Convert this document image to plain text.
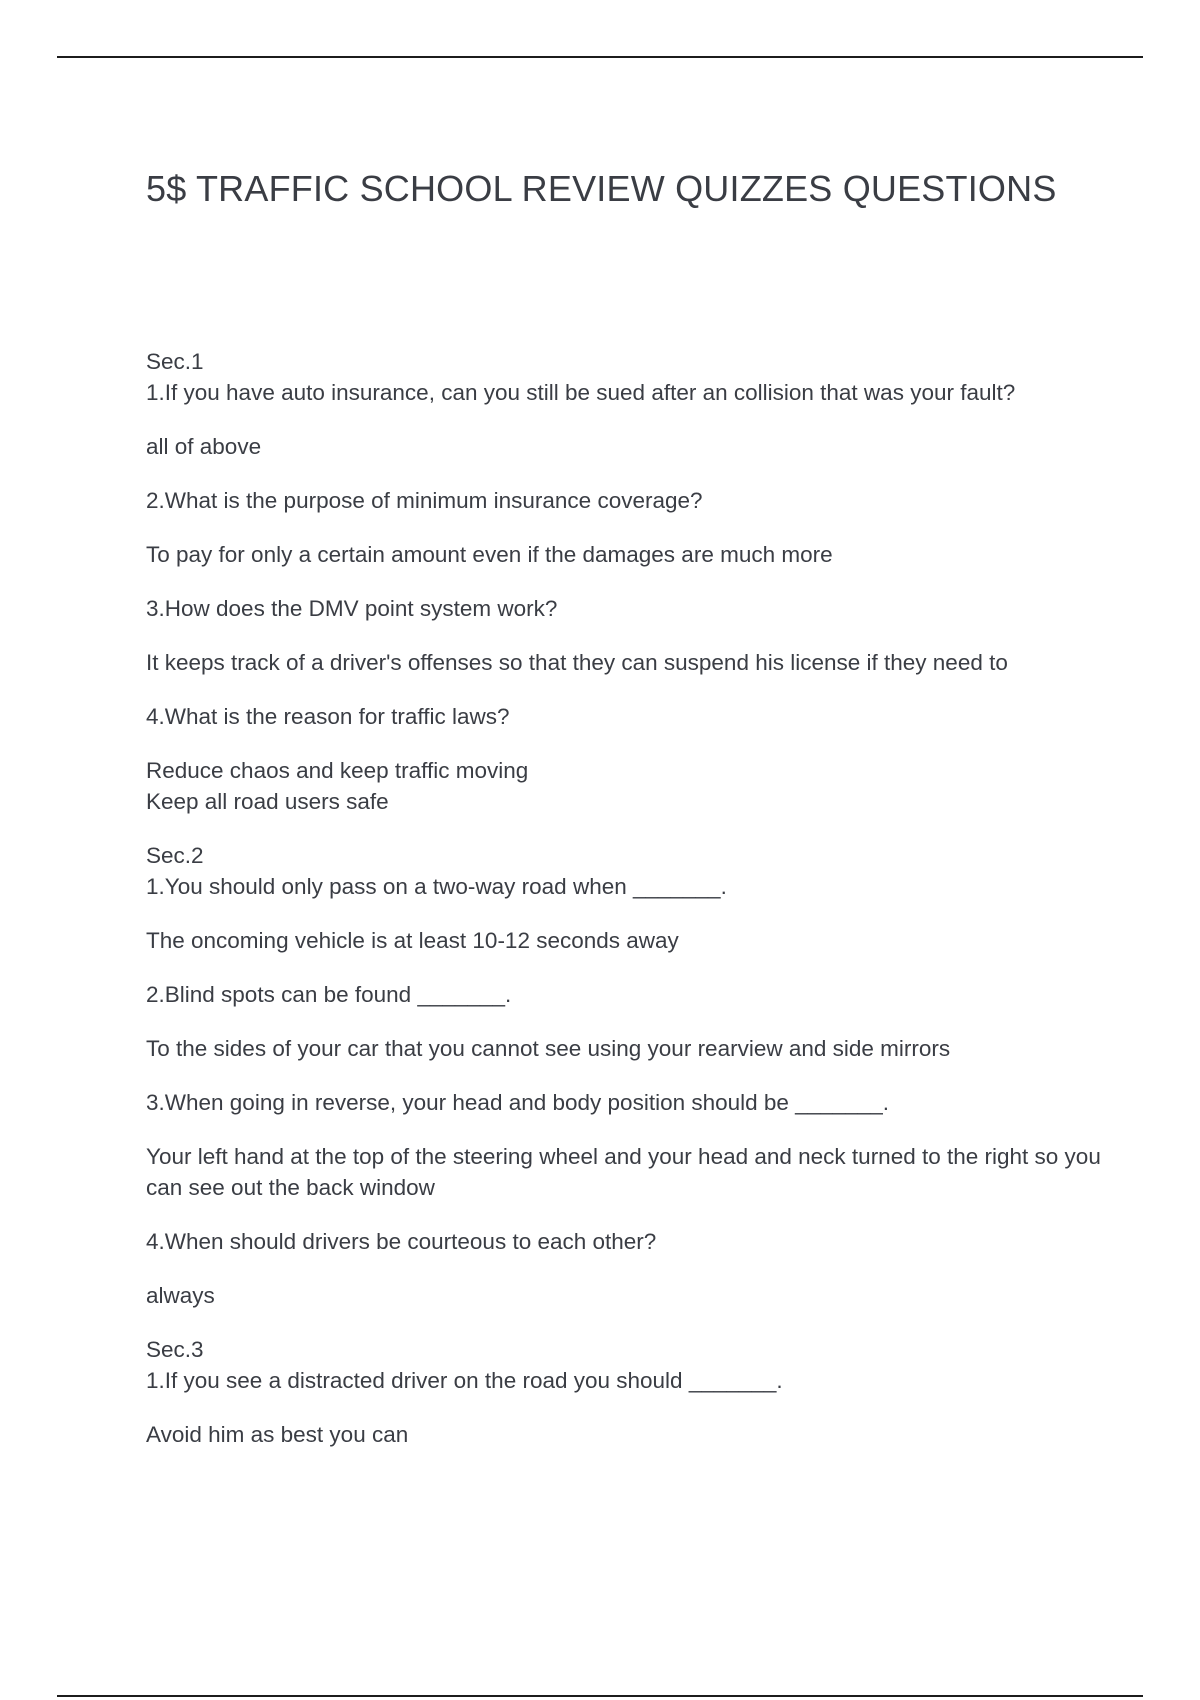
5$ TRAFFIC SCHOOL REVIEW QUIZZES QUESTIONS

Sec.1

1.If you have auto insurance, can you still be sued after an collision that was your fault?

all of above

2.What is the purpose of minimum insurance coverage?

To pay for only a certain amount even if the damages are much more

3.How does the DMV point system work?

It keeps track of a driver's offenses so that they can suspend his license if they need to

4.What is the reason for traffic laws?

Reduce chaos and keep traffic moving
Keep all road users safe

Sec.2

1.You should only pass on a two-way road when _______.

The oncoming vehicle is at least 10-12 seconds away

2.Blind spots can be found _______.

To the sides of your car that you cannot see using your rearview and side mirrors

3.When going in reverse, your head and body position should be _______.

Your left hand at the top of the steering wheel and your head and neck turned to the right so you can see out the back window

4.When should drivers be courteous to each other?

always

Sec.3

1.If you see a distracted driver on the road you should _______.

Avoid him as best you can
